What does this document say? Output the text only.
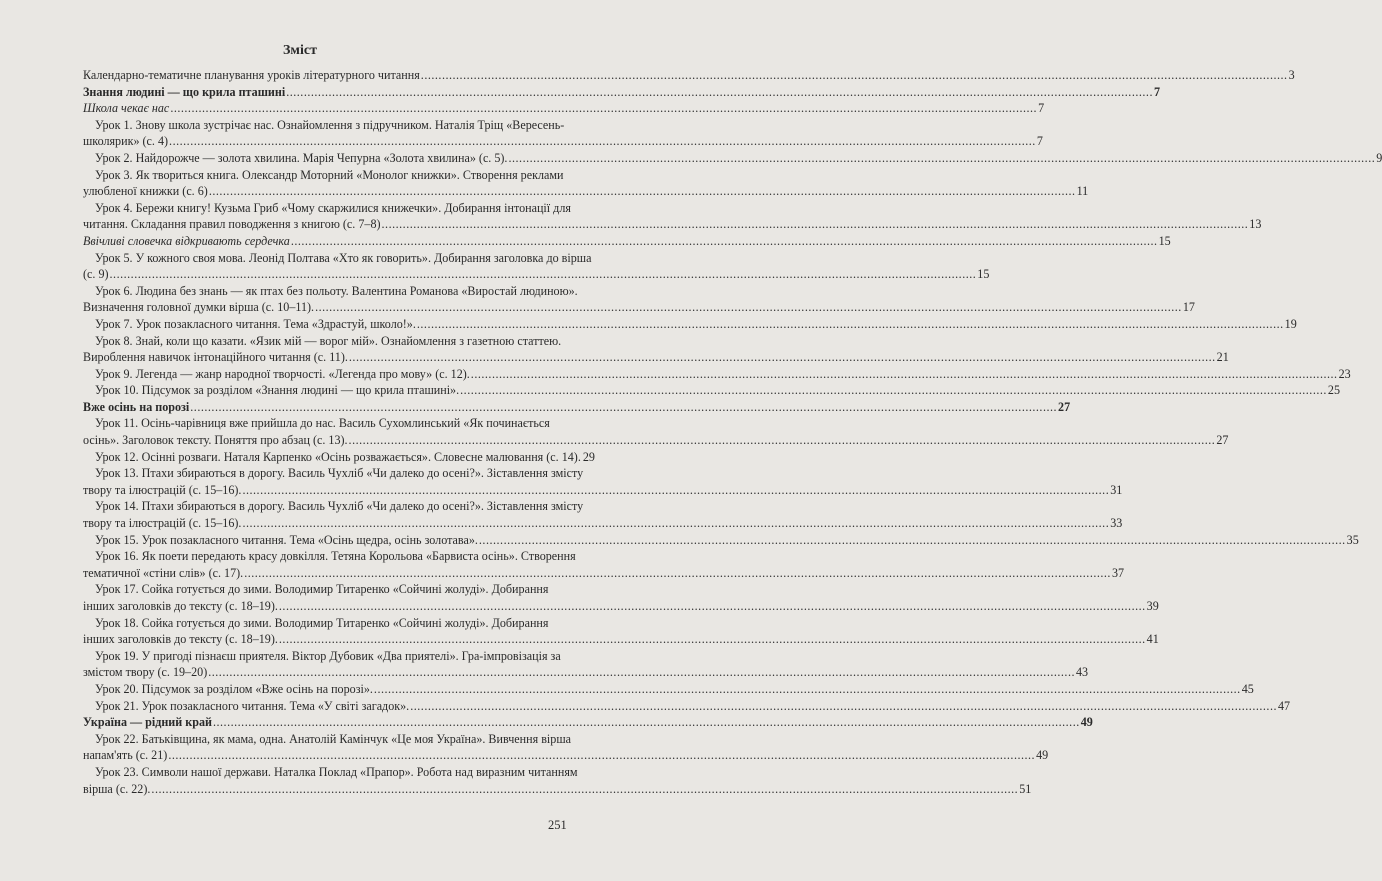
Зміст
Календарно-тематичне планування уроків літературного читання .....	3
Знання людині — що крила пташині .....	7
Школа чекає нас .....	7
Урок 1. Знову школа зустрічає нас. Ознайомлення з підручником. Наталія Тріщ «Вересень-
школярик» (с. 4) .....	7
Урок 2. Найдорожче — золота хвилина. Марія Чепурна «Золота хвилина» (с. 5). .....	9
Урок 3. Як твориться книга. Олександр Моторний «Монолог книжки». Створення реклами
улюбленої книжки (с. 6) .....	11
Урок 4. Бережи книгу! Кузьма Гриб «Чому скаржилися книжечки». Добирання інтонації для
читання. Складання правил поводження з книгою (с. 7–8) .....	13
Ввічливі словечка відкривають сердечка .....	15
Урок 5. У кожного своя мова. Леонід Полтава «Хто як говорить». Добирання заголовка до вірша
(с. 9) .....	15
Урок 6. Людина без знань — як птах без польоту. Валентина Романова «Виростай людиною».
Визначення головної думки вірша (с. 10–11). .....	17
Урок 7. Урок позакласного читання. Тема «Здрастуй, школо!». .....	19
Урок 8. Знай, коли що казати. «Язик мій — ворог мій». Ознайомлення з газетною статтею.
Вироблення навичок інтонаційного читання (с. 11). .....	21
Урок 9. Легенда — жанр народної творчості. «Легенда про мову» (с. 12). .....	23
Урок 10. Підсумок за розділом «Знання людині — що крила пташині». .....	25
Вже осінь на порозі .....	27
Урок 11. Осінь-чарівниця вже прийшла до нас. Василь Сухомлинський «Як починається
осінь». Заголовок тексту. Поняття про абзац (с. 13). .....	27
Урок 12. Осінні розваги. Наталя Карпенко «Осінь розважається». Словесне малювання (с. 14). 29
Урок 13. Птахи збираються в дорогу. Василь Чухліб «Чи далеко до осені?». Зіставлення змісту
твору та ілюстрацій (с. 15–16). .....	31
Урок 14. Птахи збираються в дорогу. Василь Чухліб «Чи далеко до осені?». Зіставлення змісту
твору та ілюстрацій (с. 15–16). .....	33
Урок 15. Урок позакласного читання. Тема «Осінь щедра, осінь золотава». .....	35
Урок 16. Як поети передають красу довкілля. Тетяна Корольова «Барвиста осінь». Створення
тематичної «стіни слів» (с. 17). .....	37
Урок 17. Сойка готується до зими. Володимир Титаренко «Сойчині жолуді». Добирання
інших заголовків до тексту (с. 18–19). .....	39
Урок 18. Сойка готується до зими. Володимир Титаренко «Сойчині жолуді». Добирання
інших заголовків до тексту (с. 18–19). .....	41
Урок 19. У пригоді пізнаєш приятеля. Віктор Дубовик «Два приятелі». Гра-імпровізація за
змістом твору (с. 19–20) .....	43
Урок 20. Підсумок за розділом «Вже осінь на порозі». .....	45
Урок 21. Урок позакласного читання. Тема «У світі загадок». .....	47
Україна — рідний край .....	49
Урок 22. Батьківщина, як мама, одна. Анатолій Камінчук «Це моя Україна». Вивчення вірша
напам'ять (с. 21) .....	49
Урок 23. Символи нашої держави. Наталка Поклад «Прапор». Робота над виразним читанням
вірша (с. 22). .....	51
251
